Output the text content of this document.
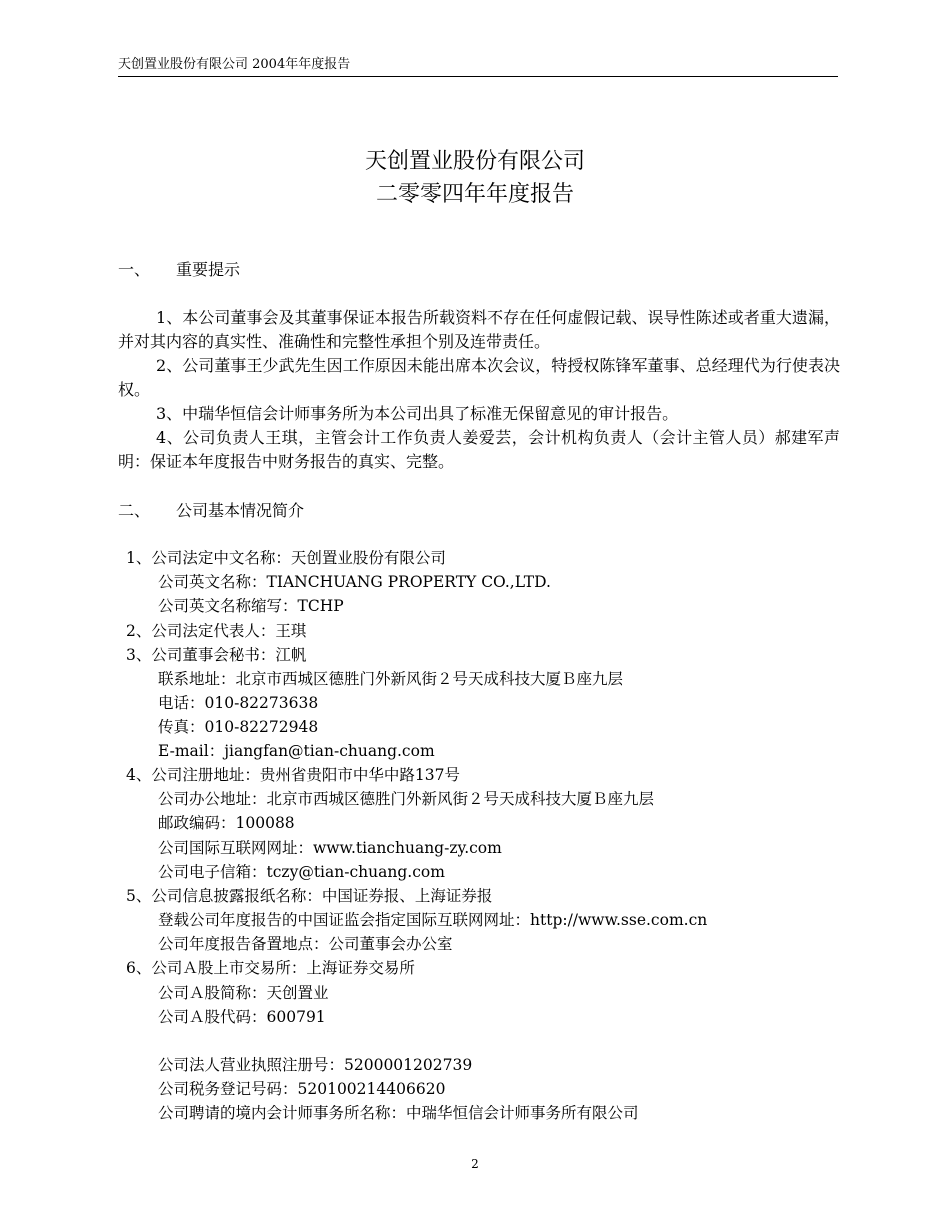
天创置业股份有限公司 2004年年度报告
天创置业股份有限公司
二零零四年年度报告
一、 重要提示
1、本公司董事会及其董事保证本报告所载资料不存在任何虚假记载、误导性陈述或者重大遗漏，并对其内容的真实性、准确性和完整性承担个别及连带责任。
2、公司董事王少武先生因工作原因未能出席本次会议，特授权陈锋军董事、总经理代为行使表决权。
3、中瑞华恒信会计师事务所为本公司出具了标准无保留意见的审计报告。
4、公司负责人王琪，主管会计工作负责人姜爱芸，会计机构负责人（会计主管人员）郝建军声明：保证本年度报告中财务报告的真实、完整。
二、 公司基本情况简介
1、公司法定中文名称：天创置业股份有限公司
公司英文名称：TIANCHUANG PROPERTY CO.,LTD.
公司英文名称缩写：TCHP
2、公司法定代表人：王琪
3、公司董事会秘书：江帆
联系地址：北京市西城区德胜门外新风街２号天成科技大厦Ｂ座九层
电话：010-82273638
传真：010-82272948
E-mail：jiangfan@tian-chuang.com
4、公司注册地址：贵州省贵阳市中华中路137号
公司办公地址：北京市西城区德胜门外新风街２号天成科技大厦Ｂ座九层
邮政编码：100088
公司国际互联网网址：www.tianchuang-zy.com
公司电子信箱：tczy@tian-chuang.com
5、公司信息披露报纸名称：中国证券报、上海证券报
登载公司年度报告的中国证监会指定国际互联网网址：http://www.sse.com.cn
公司年度报告备置地点：公司董事会办公室
6、公司Ａ股上市交易所：上海证券交易所
公司Ａ股简称：天创置业
公司Ａ股代码：600791
公司法人营业执照注册号：5200001202739
公司税务登记号码：520100214406620
公司聘请的境内会计师事务所名称：中瑞华恒信会计师事务所有限公司
2
